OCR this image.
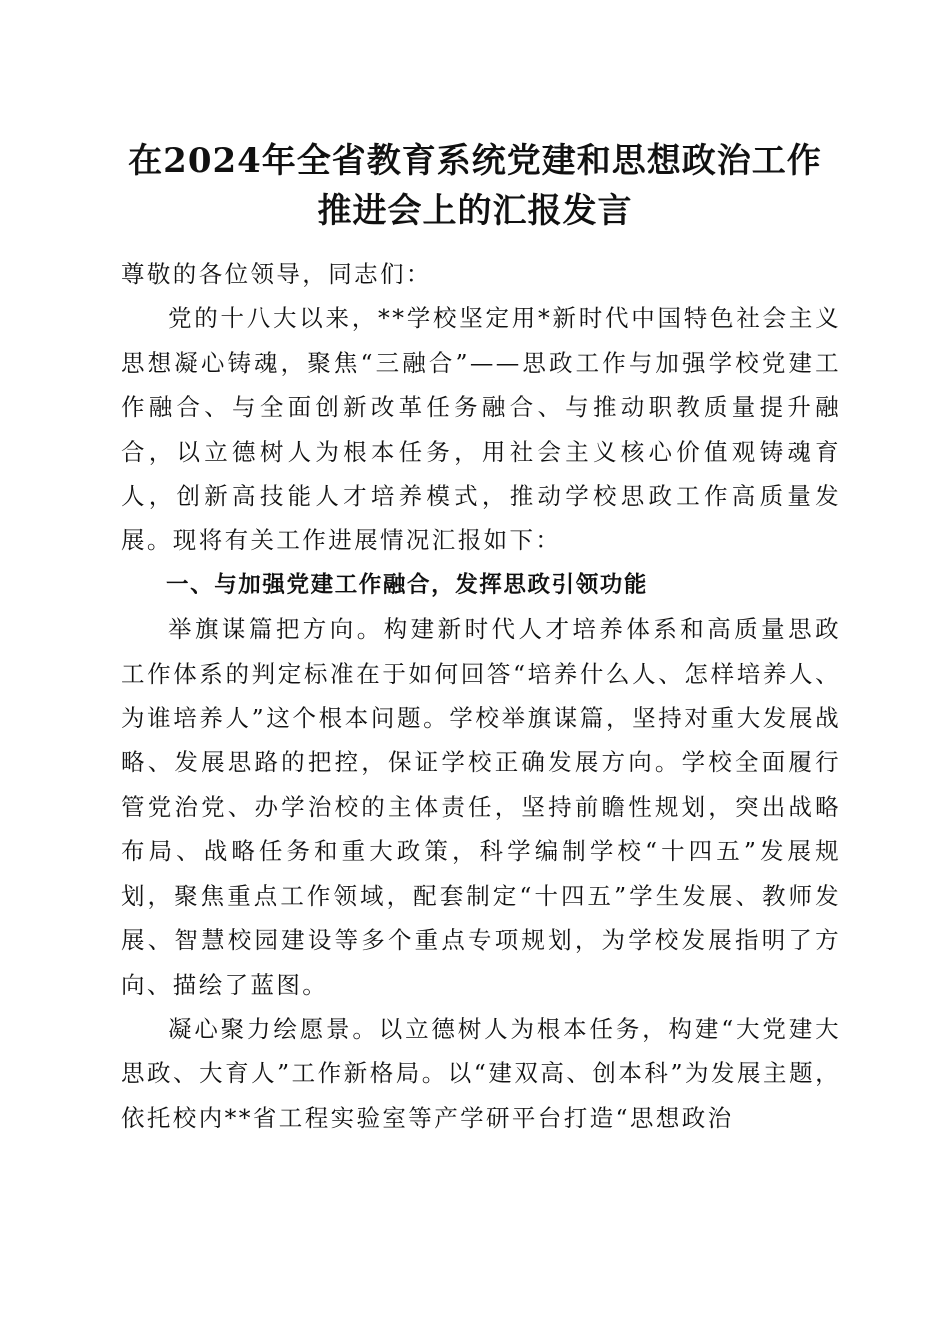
在2024年全省教育系统党建和思想政治工作
推进会上的汇报发言

尊敬的各位领导，同志们：

党的十八大以来，**学校坚定用*新时代中国特色社会主义思想凝心铸魂，聚焦“三融合”——思政工作与加强学校党建工作融合、与全面创新改革任务融合、与推动职教质量提升融合，以立德树人为根本任务，用社会主义核心价值观铸魂育人，创新高技能人才培养模式，推动学校思政工作高质量发展。现将有关工作进展情况汇报如下：

一、与加强党建工作融合，发挥思政引领功能

举旗谋篇把方向。构建新时代人才培养体系和高质量思政工作体系的判定标准在于如何回答“培养什么人、怎样培养人、为谁培养人”这个根本问题。学校举旗谋篇，坚持对重大发展战略、发展思路的把控，保证学校正确发展方向。学校全面履行管党治党、办学治校的主体责任，坚持前瞻性规划，突出战略布局、战略任务和重大政策，科学编制学校“十四五”发展规划，聚焦重点工作领域，配套制定“十四五”学生发展、教师发展、智慧校园建设等多个重点专项规划，为学校发展指明了方向、描绘了蓝图。

凝心聚力绘愿景。以立德树人为根本任务，构建“大党建大思政、大育人”工作新格局。以“建双高、创本科”为发展主题，依托校内**省工程实验室等产学研平台打造“思想政治
